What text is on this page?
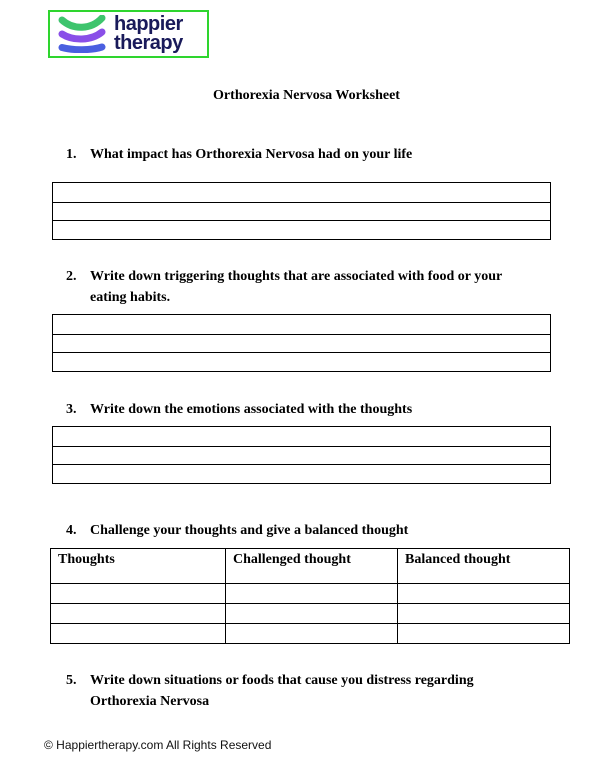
happier
therapy
Orthorexia Nervosa Worksheet
1. What impact has Orthorexia Nervosa had on your life
2. Write down triggering thoughts that are associated with food or your
eating habits.
3. Write down the emotions associated with the thoughts
4. Challenge your thoughts and give a balanced thought
Thoughts	Challenged thought	Balanced thought
5. Write down situations or foods that cause you distress regarding
Orthorexia Nervosa
© Happiertherapy.com All Rights Reserved
